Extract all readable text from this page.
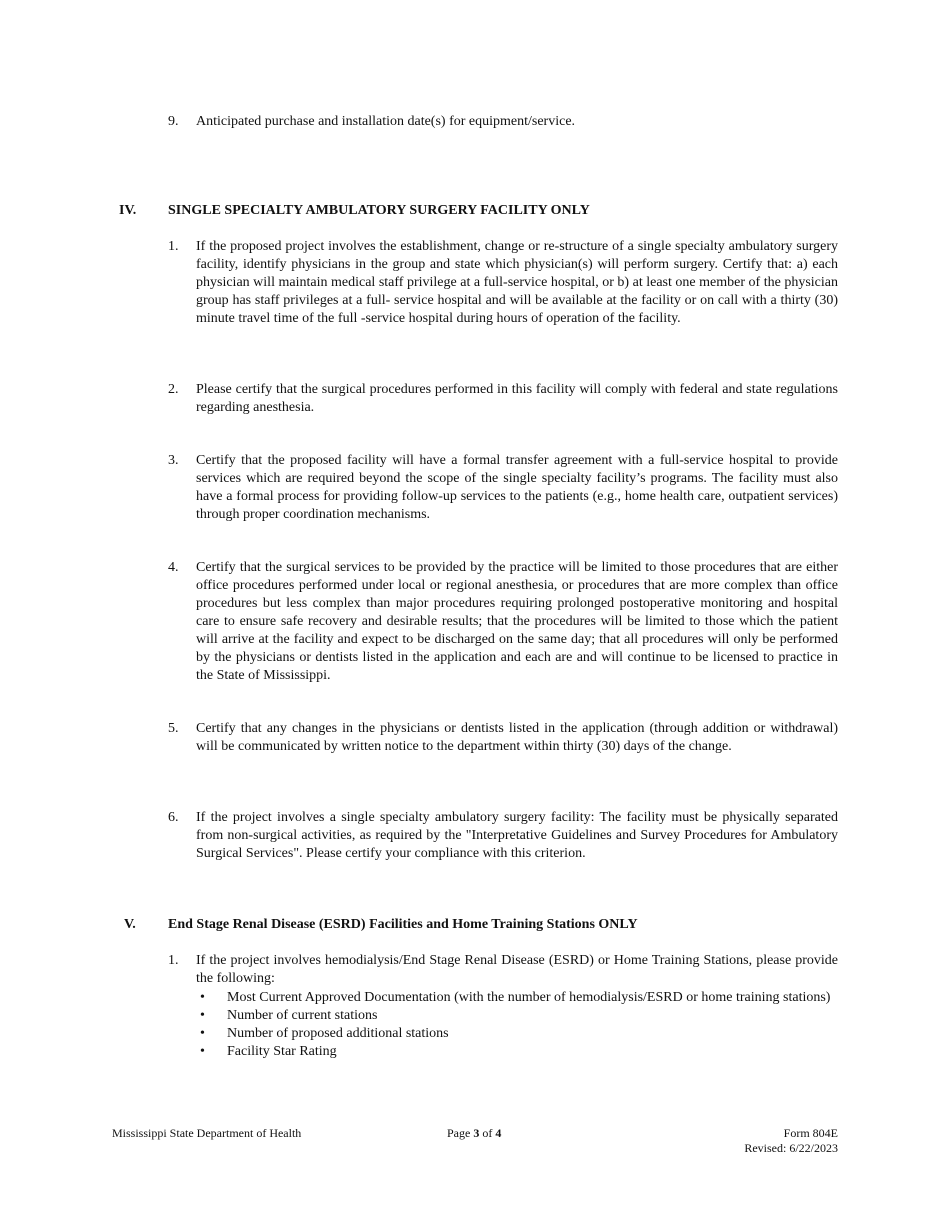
9. Anticipated purchase and installation date(s) for equipment/service.
IV. SINGLE SPECIALTY AMBULATORY SURGERY FACILITY ONLY
1. If the proposed project involves the establishment, change or re-structure of a single specialty ambulatory surgery facility, identify physicians in the group and state which physician(s) will perform surgery. Certify that: a) each physician will maintain medical staff privilege at a full-service hospital, or b) at least one member of the physician group has staff privileges at a full- service hospital and will be available at the facility or on call with a thirty (30) minute travel time of the full -service hospital during hours of operation of the facility.
2. Please certify that the surgical procedures performed in this facility will comply with federal and state regulations regarding anesthesia.
3. Certify that the proposed facility will have a formal transfer agreement with a full-service hospital to provide services which are required beyond the scope of the single specialty facility’s programs. The facility must also have a formal process for providing follow-up services to the patients (e.g., home health care, outpatient services) through proper coordination mechanisms.
4. Certify that the surgical services to be provided by the practice will be limited to those procedures that are either office procedures performed under local or regional anesthesia, or procedures that are more complex than office procedures but less complex than major procedures requiring prolonged postoperative monitoring and hospital care to ensure safe recovery and desirable results; that the procedures will be limited to those which the patient will arrive at the facility and expect to be discharged on the same day; that all procedures will only be performed by the physicians or dentists listed in the application and each are and will continue to be licensed to practice in the State of Mississippi.
5. Certify that any changes in the physicians or dentists listed in the application (through addition or withdrawal) will be communicated by written notice to the department within thirty (30) days of the change.
6. If the project involves a single specialty ambulatory surgery facility: The facility must be physically separated from non-surgical activities, as required by the "Interpretative Guidelines and Survey Procedures for Ambulatory Surgical Services". Please certify your compliance with this criterion.
V. End Stage Renal Disease (ESRD) Facilities and Home Training Stations ONLY
1. If the project involves hemodialysis/End Stage Renal Disease (ESRD) or Home Training Stations, please provide the following:
• Most Current Approved Documentation (with the number of hemodialysis/ESRD or home training stations)
• Number of current stations
• Number of proposed additional stations
• Facility Star Rating
Mississippi State Department of Health	Page 3 of 4	Form 804E
Revised: 6/22/2023
